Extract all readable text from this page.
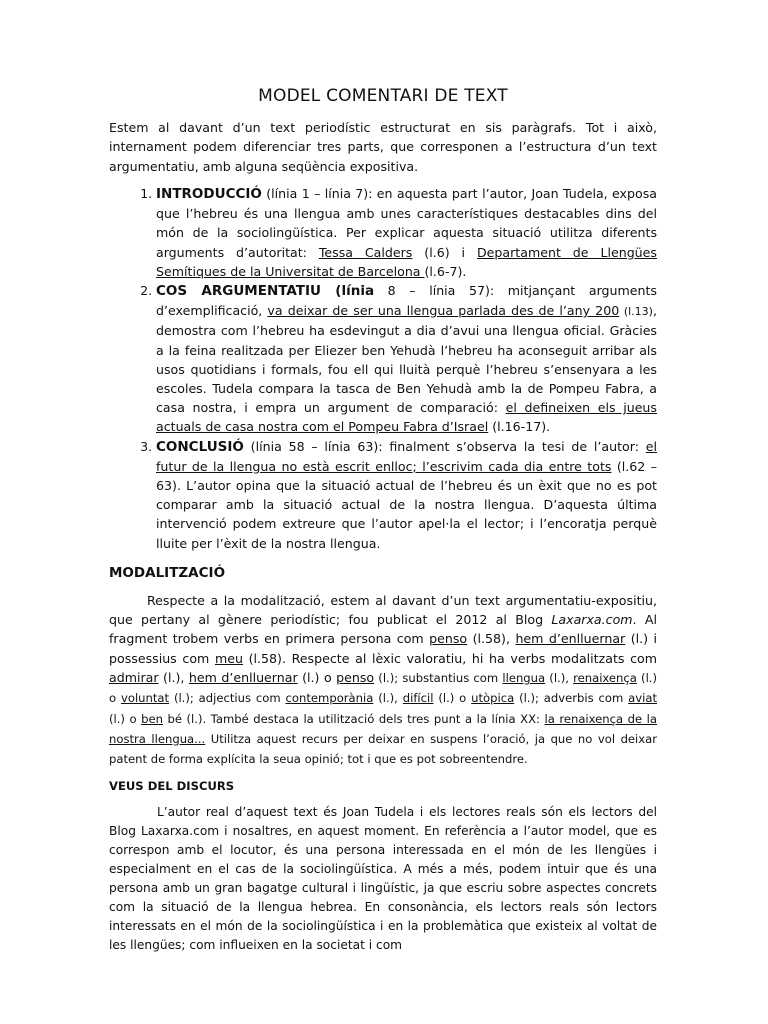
MODEL COMENTARI DE TEXT

Estem al davant d’un text periodístic estructurat en sis paràgrafs. Tot i això, internament podem diferenciar tres parts, que corresponen a l’estructura d’un text argumentatiu, amb alguna seqüència expositiva.

1. INTRODUCCIÓ (línia 1 – línia 7): en aquesta part l’autor, Joan Tudela, exposa que l’hebreu és una llengua amb unes característiques destacables dins del món de la sociolingüística. Per explicar aquesta situació utilitza diferents arguments d’autoritat: Tessa Calders (l.6) i Departament de Llengües Semítiques de la Universitat de Barcelona (l.6-7).
2. COS ARGUMENTATIU (línia 8 – línia 57): mitjançant arguments d’exemplificació, va deixar de ser una llengua parlada des de l’any 200 (l.13), demostra com l’hebreu ha esdevingut a dia d’avui una llengua oficial. Gràcies a la feina realitzada per Eliezer ben Yehudà l’hebreu ha aconseguit arribar als usos quotidians i formals, fou ell qui lluità perquè l’hebreu s’ensenyara a les escoles. Tudela compara la tasca de Ben Yehudà amb la de Pompeu Fabra, a casa nostra, i empra un argument de comparació: el defineixen els jueus actuals de casa nostra com el Pompeu Fabra d’Israel (l.16-17).
3. CONCLUSIÓ (línia 58 – línia 63): finalment s’observa la tesi de l’autor: el futur de la llengua no està escrit enlloc; l’escrivim cada dia entre tots (l.62 – 63). L’autor opina que la situació actual de l’hebreu és un èxit que no es pot comparar amb la situació actual de la nostra llengua. D’aquesta última intervenció podem extreure que l’autor apel·la el lector; i l’encoratja perquè lluite per l’èxit de la nostra llengua.
MODALITZACIÓ

Respecte a la modalització, estem al davant d’un text argumentatiu-expositiu, que pertany al gènere periodístic; fou publicat el 2012 al Blog Laxarxa.com. Al fragment trobem verbs en primera persona com penso (l.58), hem d’enlluernar (l.) i possessius com meu (l.58). Respecte al lèxic valoratiu, hi ha verbs modalitzats com admirar (l.), hem d’enlluernar (l.) o penso (l.); substantius com llengua (l.), renaixença (l.) o voluntat (l.); adjectius com contemporània (l.), difícil (l.) o utòpica (l.); adverbis com aviat (l.) o ben bé (l.). També destaca la utilització dels tres punt a la línia XX: la renaixença de la nostra llengua... Utilitza aquest recurs per deixar en suspens l’oració, ja que no vol deixar patent de forma explícita la seua opinió; tot i que es pot sobreentendre.

VEUS DEL DISCURS

L’autor real d’aquest text és Joan Tudela i els lectores reals són els lectors del Blog Laxarxa.com i nosaltres, en aquest moment. En referència a l’autor model, que es correspon amb el locutor, és una persona interessada en el món de les llengües i especialment en el cas de la sociolingüística. A més a més, podem intuir que és una persona amb un gran bagatge cultural i lingüístic, ja que escriu sobre aspectes concrets com la situació de la llengua hebrea. En consonància, els lectors reals són lectors interessats en el món de la sociolingüística i en la problemàtica que existeix al voltat de les llengües; com influeixen en la societat i com
